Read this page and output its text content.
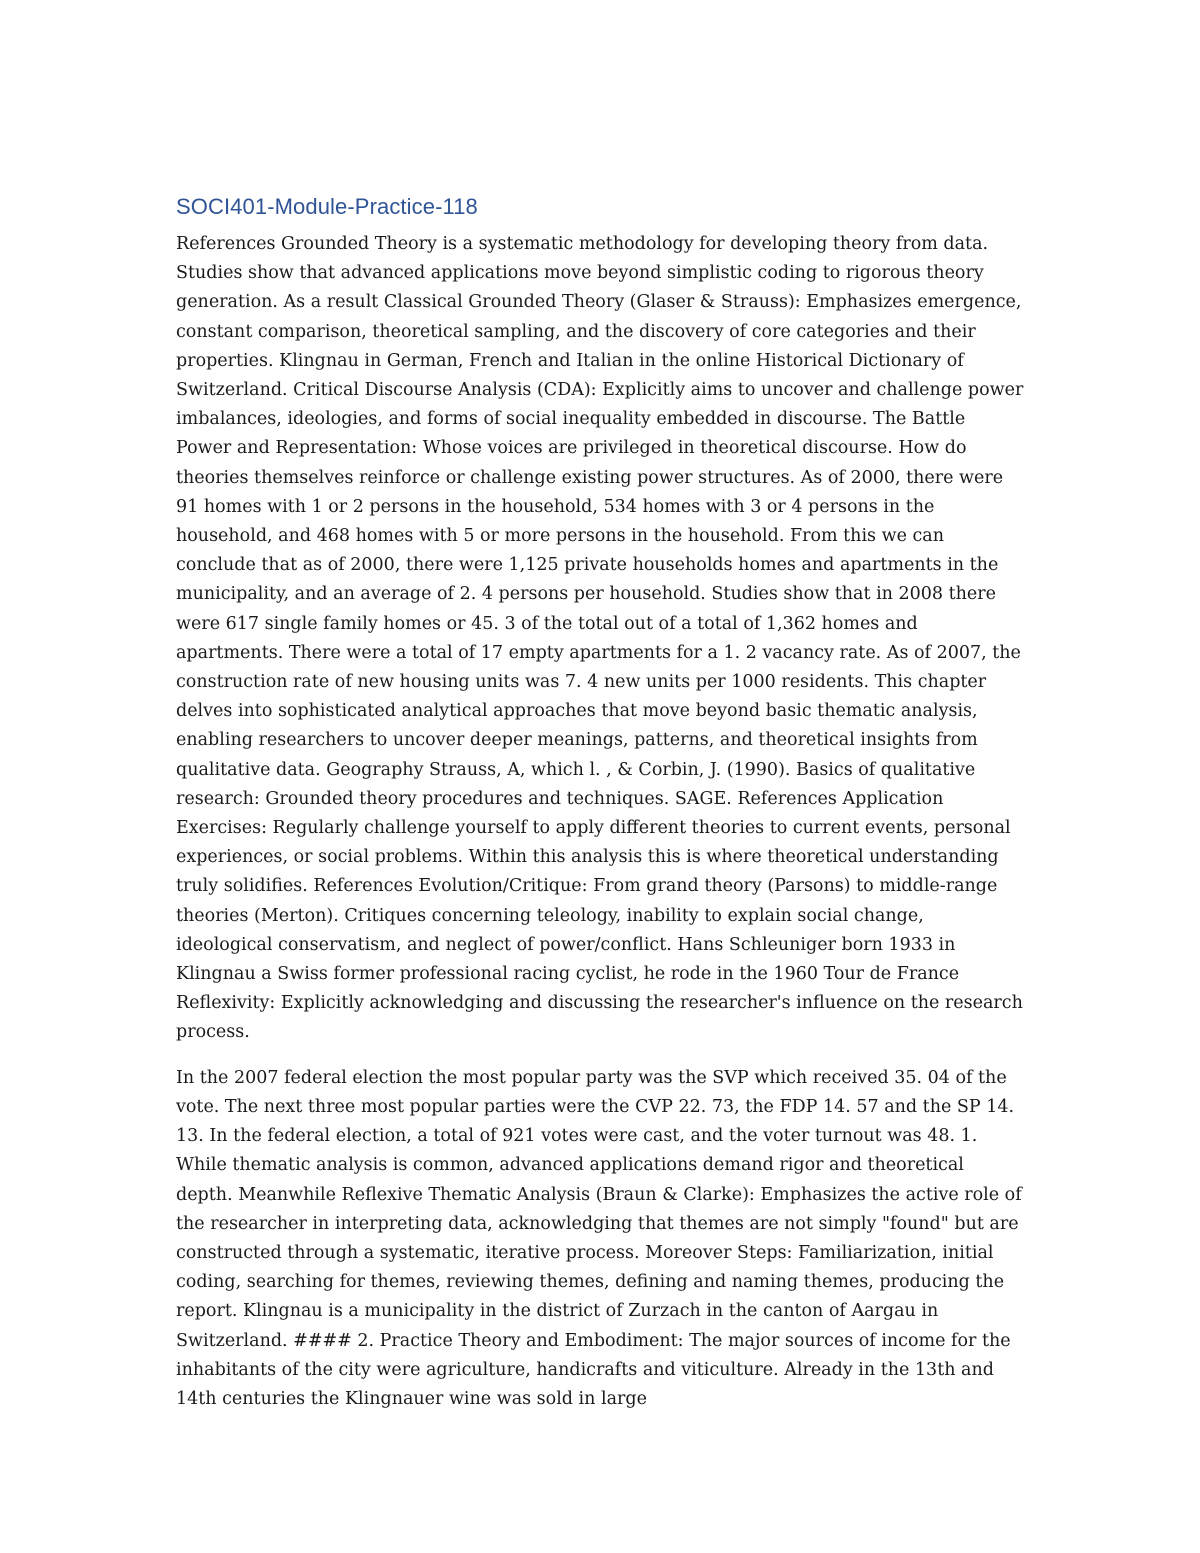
SOCI401-Module-Practice-118

References Grounded Theory is a systematic methodology for developing theory from data. Studies show that advanced applications move beyond simplistic coding to rigorous theory generation. As a result Classical Grounded Theory (Glaser & Strauss): Emphasizes emergence, constant comparison, theoretical sampling, and the discovery of core categories and their properties. Klingnau in German, French and Italian in the online Historical Dictionary of Switzerland. Critical Discourse Analysis (CDA): Explicitly aims to uncover and challenge power imbalances, ideologies, and forms of social inequality embedded in discourse. The Battle Power and Representation: Whose voices are privileged in theoretical discourse. How do theories themselves reinforce or challenge existing power structures. As of 2000, there were 91 homes with 1 or 2 persons in the household, 534 homes with 3 or 4 persons in the household, and 468 homes with 5 or more persons in the household. From this we can conclude that as of 2000, there were 1,125 private households homes and apartments in the municipality, and an average of 2. 4 persons per household. Studies show that in 2008 there were 617 single family homes or 45. 3 of the total out of a total of 1,362 homes and apartments. There were a total of 17 empty apartments for a 1. 2 vacancy rate. As of 2007, the construction rate of new housing units was 7. 4 new units per 1000 residents. This chapter delves into sophisticated analytical approaches that move beyond basic thematic analysis, enabling researchers to uncover deeper meanings, patterns, and theoretical insights from qualitative data. Geography Strauss, A, which l. , & Corbin, J. (1990). Basics of qualitative research: Grounded theory procedures and techniques. SAGE. References Application Exercises: Regularly challenge yourself to apply different theories to current events, personal experiences, or social problems. Within this analysis this is where theoretical understanding truly solidifies. References Evolution/Critique: From grand theory (Parsons) to middle-range theories (Merton). Critiques concerning teleology, inability to explain social change, ideological conservatism, and neglect of power/conflict. Hans Schleuniger born 1933 in Klingnau a Swiss former professional racing cyclist, he rode in the 1960 Tour de France Reflexivity: Explicitly acknowledging and discussing the researcher's influence on the research process.

In the 2007 federal election the most popular party was the SVP which received 35. 04 of the vote. The next three most popular parties were the CVP 22. 73, the FDP 14. 57 and the SP 14. 13. In the federal election, a total of 921 votes were cast, and the voter turnout was 48. 1. While thematic analysis is common, advanced applications demand rigor and theoretical depth. Meanwhile Reflexive Thematic Analysis (Braun & Clarke): Emphasizes the active role of the researcher in interpreting data, acknowledging that themes are not simply "found" but are constructed through a systematic, iterative process. Moreover Steps: Familiarization, initial coding, searching for themes, reviewing themes, defining and naming themes, producing the report. Klingnau is a municipality in the district of Zurzach in the canton of Aargau in Switzerland. #### 2. Practice Theory and Embodiment: The major sources of income for the inhabitants of the city were agriculture, handicrafts and viticulture. Already in the 13th and 14th centuries the Klingnauer wine was sold in large
